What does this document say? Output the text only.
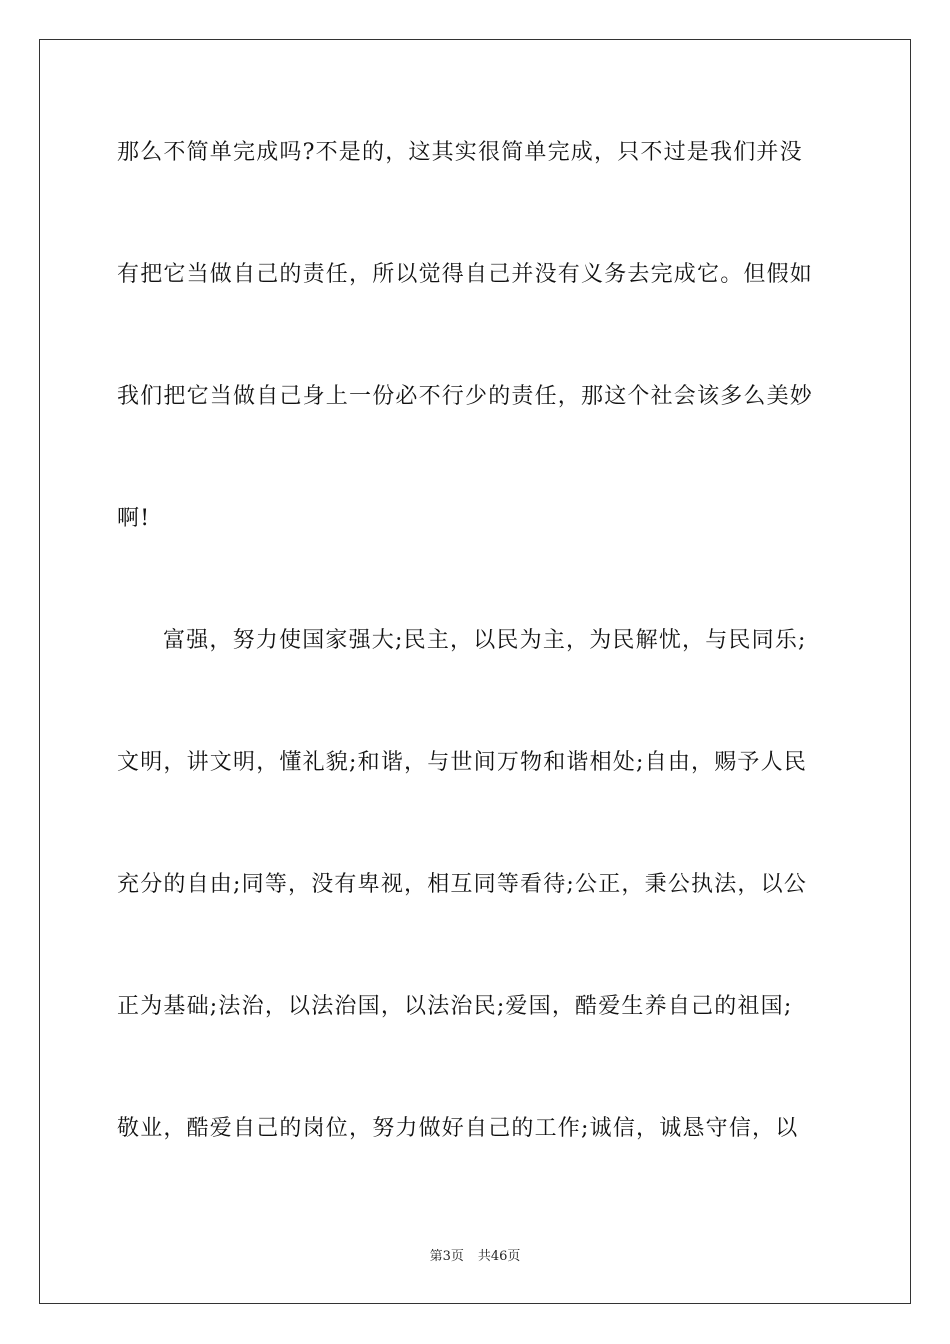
那么不简单完成吗?不是的，这其实很简单完成，只不过是我们并没
有把它当做自己的责任，所以觉得自己并没有义务去完成它。但假如
我们把它当做自己身上一份必不行少的责任，那这个社会该多么美妙
啊!
富强，努力使国家强大;民主，以民为主，为民解忧，与民同乐;
文明，讲文明，懂礼貌;和谐，与世间万物和谐相处;自由，赐予人民
充分的自由;同等，没有卑视，相互同等看待;公正，秉公执法，以公
正为基础;法治，以法治国，以法治民;爱国，酷爱生养自己的祖国;
敬业，酷爱自己的岗位，努力做好自己的工作;诚信，诚恳守信，以
第3页 共46页
